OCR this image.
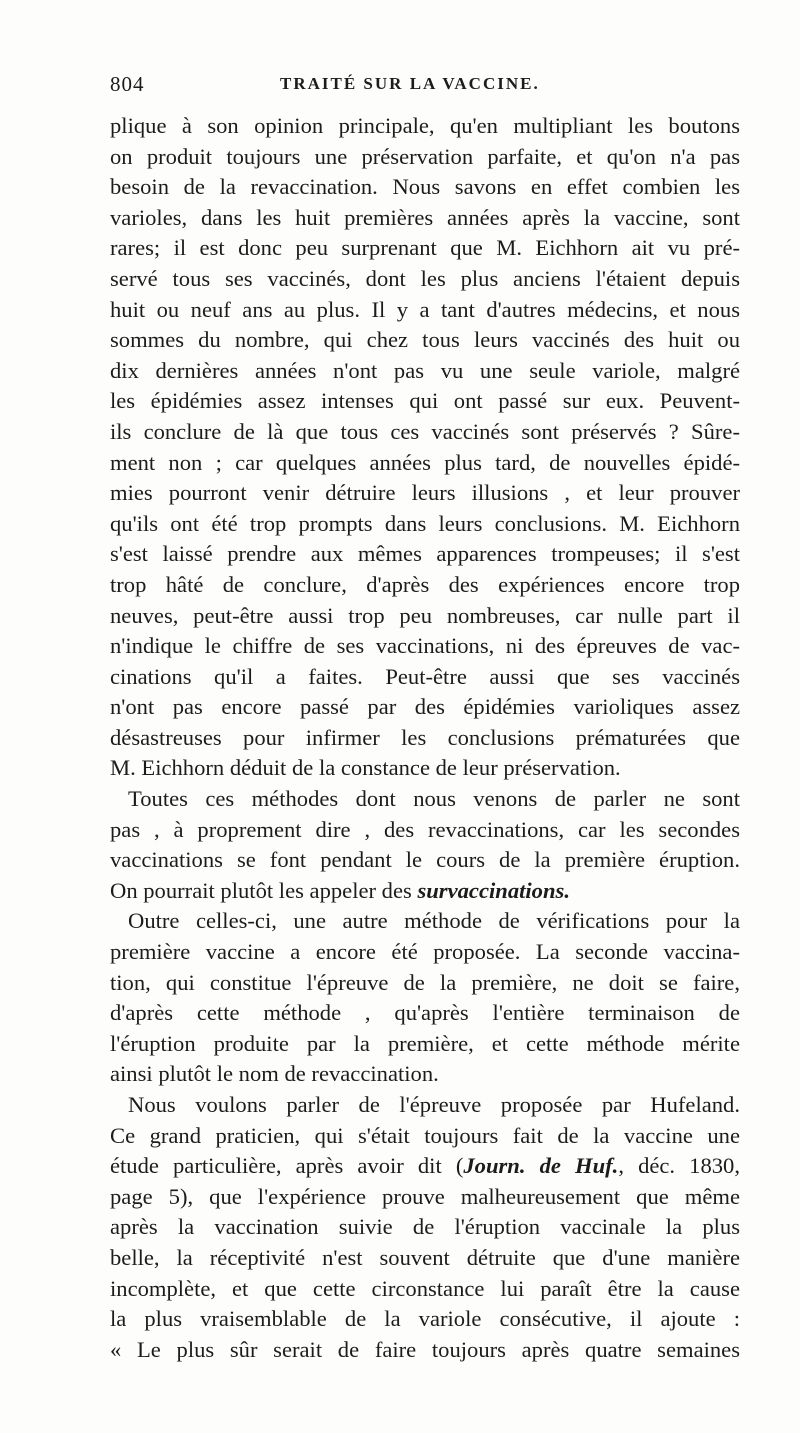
804	TRAITÉ SUR LA VACCINE.
plique à son opinion principale, qu'en multipliant les boutons
on produit toujours une préservation parfaite, et qu'on n'a pas
besoin de la revaccination. Nous savons en effet combien les
varioles, dans les huit premières années après la vaccine, sont
rares; il est donc peu surprenant que M. Eichhorn ait vu pré-
servé tous ses vaccinés, dont les plus anciens l'étaient depuis
huit ou neuf ans au plus. Il y a tant d'autres médecins, et nous
sommes du nombre, qui chez tous leurs vaccinés des huit ou
dix dernières années n'ont pas vu une seule variole, malgré
les épidémies assez intenses qui ont passé sur eux. Peuvent-
ils conclure de là que tous ces vaccinés sont préservés ? Sûre-
ment non ; car quelques années plus tard, de nouvelles épidé-
mies pourront venir détruire leurs illusions , et leur prouver
qu'ils ont été trop prompts dans leurs conclusions. M. Eichhorn
s'est laissé prendre aux mêmes apparences trompeuses; il s'est
trop hâté de conclure, d'après des expériences encore trop
neuves, peut-être aussi trop peu nombreuses, car nulle part il
n'indique le chiffre de ses vaccinations, ni des épreuves de vac-
cinations qu'il a faites. Peut-être aussi que ses vaccinés
n'ont pas encore passé par des épidémies varioliques assez
désastreuses pour infirmer les conclusions prématurées que
M. Eichhorn déduit de la constance de leur préservation.
Toutes ces méthodes dont nous venons de parler ne sont
pas , à proprement dire , des revaccinations, car les secondes
vaccinations se font pendant le cours de la première éruption.
On pourrait plutôt les appeler des survaccinations.
Outre celles-ci, une autre méthode de vérifications pour la
première vaccine a encore été proposée. La seconde vaccina-
tion, qui constitue l'épreuve de la première, ne doit se faire,
d'après cette méthode , qu'après l'entière terminaison de
l'éruption produite par la première, et cette méthode mérite
ainsi plutôt le nom de revaccination.
Nous voulons parler de l'épreuve proposée par Hufeland.
Ce grand praticien, qui s'était toujours fait de la vaccine une
étude particulière, après avoir dit (Journ. de Huf., déc. 1830,
page 5), que l'expérience prouve malheureusement que même
après la vaccination suivie de l'éruption vaccinale la plus
belle, la réceptivité n'est souvent détruite que d'une manière
incomplète, et que cette circonstance lui paraît être la cause
la plus vraisemblable de la variole consécutive, il ajoute :
« Le plus sûr serait de faire toujours après quatre semaines
